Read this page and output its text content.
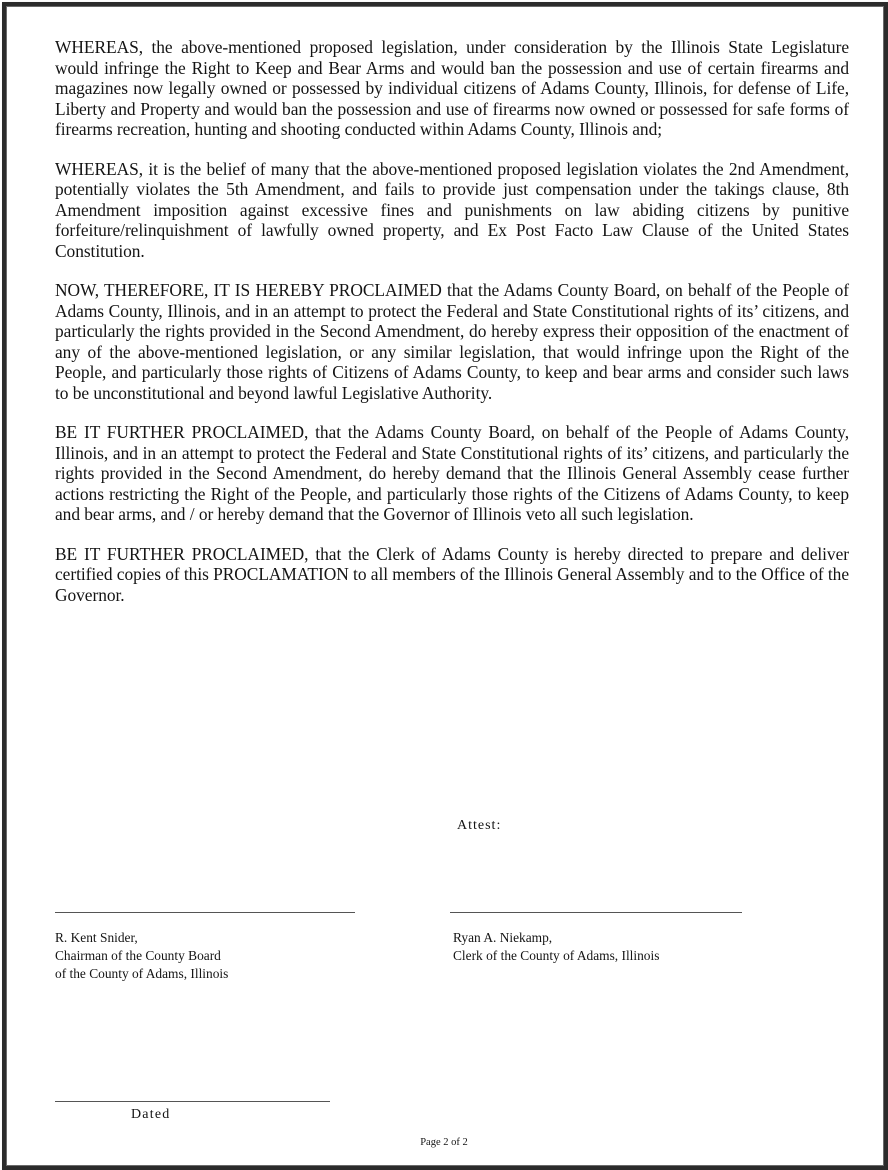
WHEREAS, the above-mentioned proposed legislation, under consideration by the Illinois State Legislature would infringe the Right to Keep and Bear Arms and would ban the possession and use of certain firearms and magazines now legally owned or possessed by individual citizens of Adams County, Illinois, for defense of Life, Liberty and Property and would ban the possession and use of firearms now owned or possessed for safe forms of firearms recreation, hunting and shooting conducted within Adams County, Illinois and;

WHEREAS, it is the belief of many that the above-mentioned proposed legislation violates the 2nd Amendment, potentially violates the 5th Amendment, and fails to provide just compensation under the takings clause, 8th Amendment imposition against excessive fines and punishments on law abiding citizens by punitive forfeiture/relinquishment of lawfully owned property, and Ex Post Facto Law Clause of the United States Constitution.

NOW, THEREFORE, IT IS HEREBY PROCLAIMED that the Adams County Board, on behalf of the People of Adams County, Illinois, and in an attempt to protect the Federal and State Constitutional rights of its’ citizens, and particularly the rights provided in the Second Amendment, do hereby express their opposition of the enactment of any of the above-mentioned legislation, or any similar legislation, that would infringe upon the Right of the People, and particularly those rights of Citizens of Adams County, to keep and bear arms and consider such laws to be unconstitutional and beyond lawful Legislative Authority.

BE IT FURTHER PROCLAIMED, that the Adams County Board, on behalf of the People of Adams County, Illinois, and in an attempt to protect the Federal and State Constitutional rights of its’ citizens, and particularly the rights provided in the Second Amendment, do hereby demand that the Illinois General Assembly cease further actions restricting the Right of the People, and particularly those rights of the Citizens of Adams County, to keep and bear arms, and / or hereby demand that the Governor of Illinois veto all such legislation.

BE IT FURTHER PROCLAIMED, that the Clerk of Adams County is hereby directed to prepare and deliver certified copies of this PROCLAMATION to all members of the Illinois General Assembly and to the Office of the Governor.

Attest:
R. Kent Snider,
Chairman of the County Board
of the County of Adams, Illinois
Ryan A. Niekamp,
Clerk of the County of Adams, Illinois
Dated
Page 2 of 2
